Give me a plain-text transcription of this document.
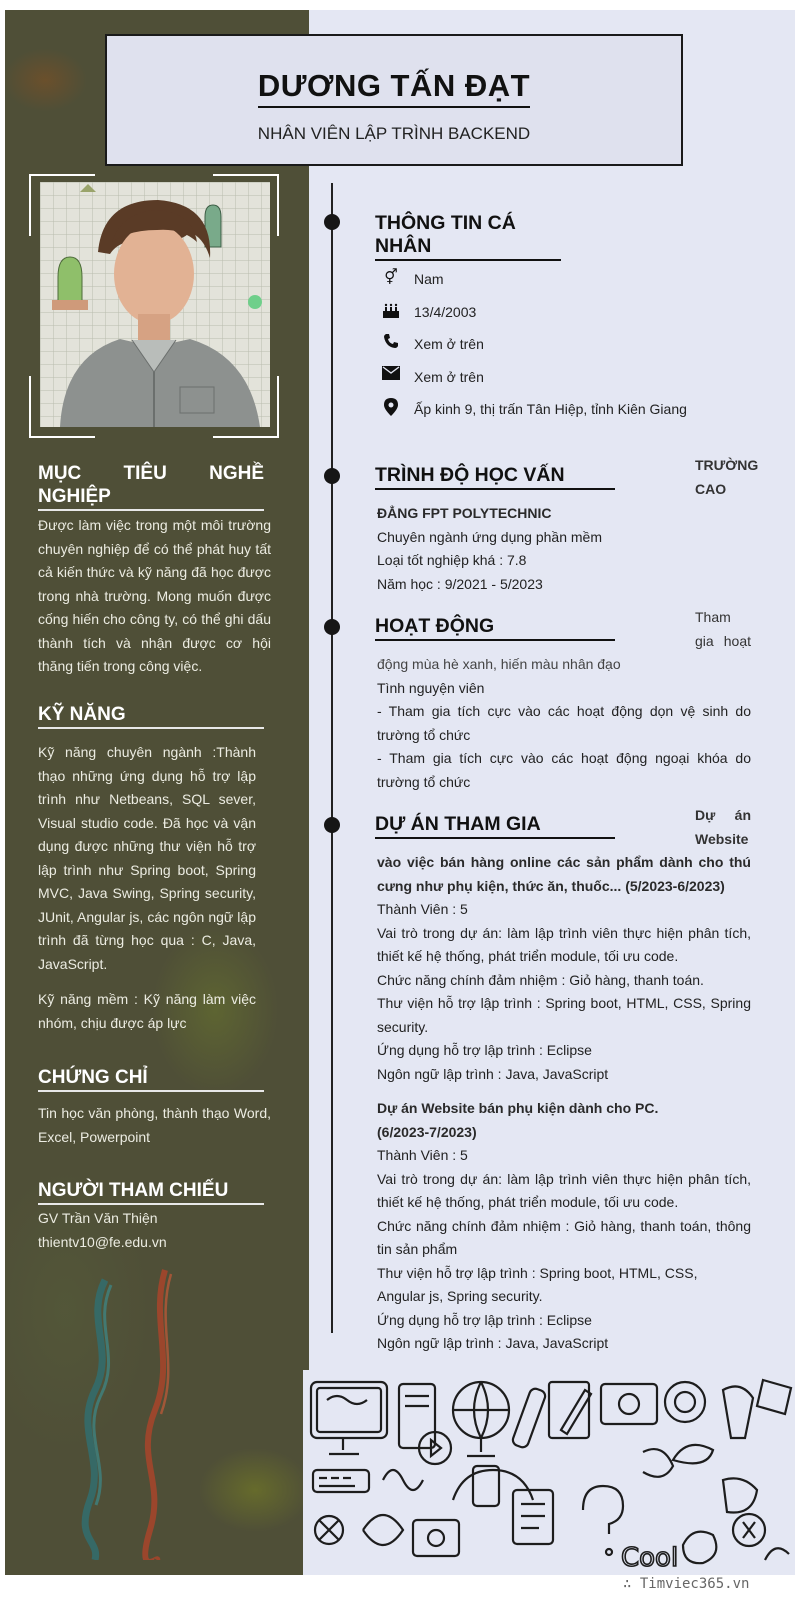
MỤC TIÊU NGHỀ
NGHIỆP
Được làm việc trong một môi trường chuyên nghiệp để có thể phát huy tất cả kiến thức và kỹ năng đã học được trong nhà trường. Mong muốn được cống hiến cho công ty, có thể ghi dấu thành tích và nhận được cơ hội thăng tiến trong công việc.
KỸ NĂNG
Kỹ năng chuyên ngành :Thành thạo những ứng dụng hỗ trợ lập trình như Netbeans, SQL sever, Visual studio code. Đã học và vận dụng được những thư viện hỗ trợ lập trình như Spring boot, Spring MVC, Java Swing, Spring security, JUnit, Angular js, các ngôn ngữ lập trình đã từng học qua : C, Java, JavaScript.
Kỹ năng mềm : Kỹ năng làm việc nhóm, chịu được áp lực
CHỨNG CHỈ
Tin học văn phòng, thành thạo Word, Excel, Powerpoint
NGƯỜI THAM CHIẾU
GV Trần Văn Thiện
thientv10@fe.edu.vn
DƯƠNG TẤN ĐẠT
NHÂN VIÊN LẬP TRÌNH BACKEND
THÔNG TIN CÁ
NHÂN
⚥	Nam
13/4/2003
Xem ở trên
Xem ở trên
Ấp kinh 9, thị trấn Tân Hiệp, tỉnh Kiên Giang
TRÌNH ĐỘ HỌC VẤN	TRƯỜNG CAO

ĐẲNG FPT POLYTECHNIC

Chuyên ngành ứng dụng phần mềm

Loại tốt nghiệp khá : 7.8

Năm học : 9/2021 - 5/2023

HOẠT ĐỘNG	Tham gia hoạt

động mùa hè xanh, hiến màu nhân đạo

Tình nguyện viên

- Tham gia tích cực vào các hoạt động dọn vệ sinh do trường tổ chức

- Tham gia tích cực vào các hoạt động ngoại khóa do trường tổ chức

DỰ ÁN THAM GIA	Dự án Website

vào việc bán hàng online các sản phẩm dành cho thú cưng như phụ kiện, thức ăn, thuốc... (5/2023-6/2023)

Thành Viên : 5

Vai trò trong dự án: làm lập trình viên thực hiện phân tích, thiết kế hệ thống, phát triển module, tối ưu code.

Chức năng chính đảm nhiệm : Giỏ hàng, thanh toán.

Thư viện hỗ trợ lập trình : Spring boot, HTML, CSS, Spring security.

Ứng dụng hỗ trợ lập trình : Eclipse

Ngôn ngữ lập trình : Java, JavaScript

Dự án Website bán phụ kiện dành cho PC.

(6/2023-7/2023)

Thành Viên : 5

Vai trò trong dự án: làm lập trình viên thực hiện phân tích, thiết kế hệ thống, phát triển module, tối ưu code.

Chức năng chính đảm nhiệm : Giỏ hàng, thanh toán, thông tin sản phẩm

Thư viện hỗ trợ lập trình : Spring boot, HTML, CSS,

Angular js, Spring security.

Ứng dụng hỗ trợ lập trình : Eclipse

Ngôn ngữ lập trình : Java, JavaScript

Cool
∴ Timviec365.vn
